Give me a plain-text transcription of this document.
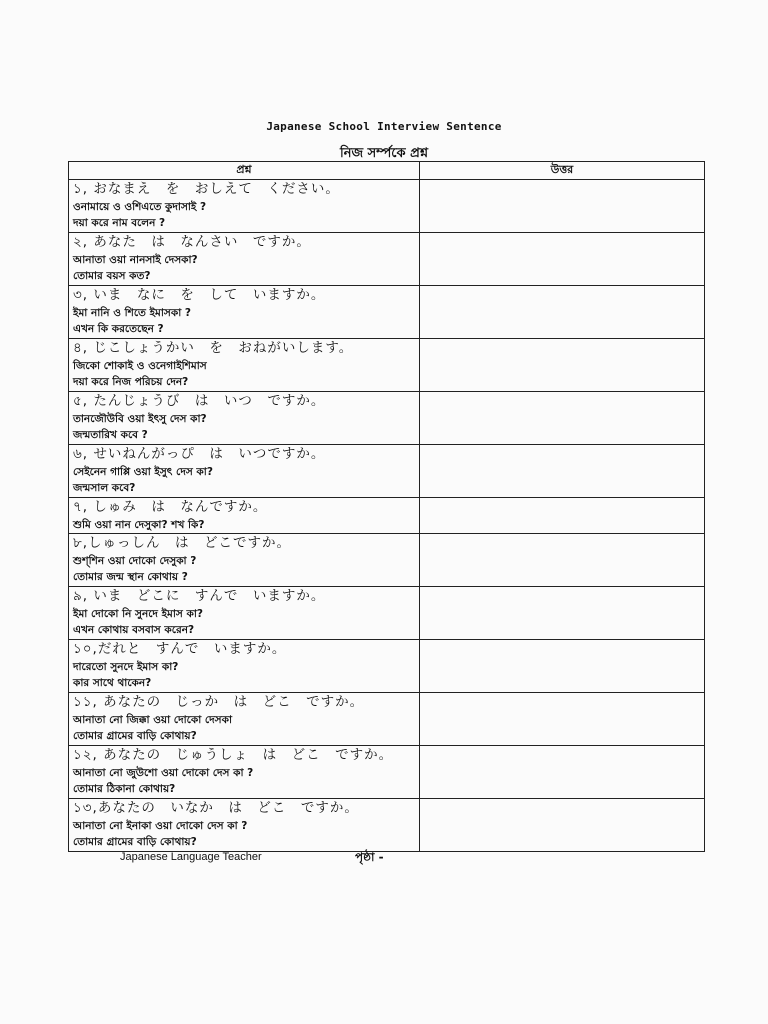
Japanese School Interview Sentence
নিজ সর্ম্পকে প্রশ্ন
প্রশ্ন	উত্তর

১, おなまえ　を　おしえて　ください。
ওনামায়ে ও ওশিএতে কুদাসাই ?
দয়া করে নাম বলেন ?	

২, あなた　は　なんさい　ですか。
আনাতা ওয়া নানসাই দেসকা?
তোমার বয়স কত?	

৩, いま　なに　を　して　いますか。
ইমা নানি ও শিতে ইমাসকা ?
এখন কি করতেছেন ?	

৪, じこしょうかい　を　おねがいします。
জিকো শোকাই ও ওনেগাইশিমাস
দয়া করে নিজ পরিচয় দেন?	

৫, たんじょうび　は　いつ　ですか。
তানজৌউবি ওয়া ইৎসু দেস কা?
জন্মতারিখ কবে ?	

৬, せいねんがっぴ　は　いつですか。
সেইনেন গাপ্পি ওয়া ইসুৎ দেস কা?
জন্মসাল কবে?	

৭, しゅみ　は　なんですか。
শুমি ওয়া নান দেসুকা? শখ কি?	

৮,しゅっしん　は　どこですか。
শুশ্‌শিন ওয়া দোকো দেসুকা ?
তোমার জন্ম স্থান কোথায় ?	

৯, いま　どこに　すんで　いますか。
ইমা দোকো নি সুনদে ইমাস কা?
এখন কোথায় বসবাস করেন?	

১০,だれと　すんで　いますか。
দারেতো সুনদে ইমাস কা?
কার সাথে থাকেন?	

১১, あなたの　じっか　は　どこ　ですか。
আনাতা নো জিক্কা ওয়া দোকো দেসকা
তোমার গ্রামের বাড়ি কোথায়?	

১২, あなたの　じゅうしょ　は　どこ　ですか。
আনাতা নো জুউশো ওয়া দোকো দেস কা ?
তোমার ঠিকানা কোথায়?	

১৩,あなたの　いなか　は　どこ　ですか。
আনাতা নো ইনাকা ওয়া দোকো দেস কা ?
তোমার গ্রামের বাড়ি কোথায়?	

Japanese Language Teacher	পৃষ্ঠা -
